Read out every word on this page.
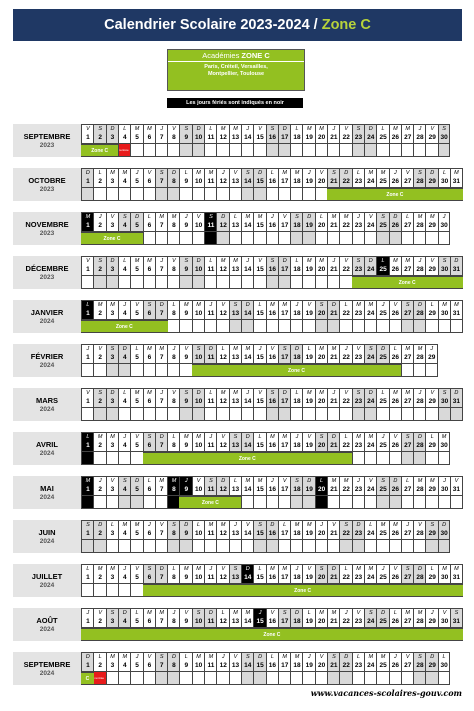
Calendrier Scolaire 2023-2024 / Zone C
Académies ZONE C
Paris, Créteil, Versailles,
Montpellier, Toulouse
Les jours fériés sont indiqués en noir
SEPTEMBRE
2023
V
1
S
2
D
3
L
4
M
5
M
6
J
7
V
8
S
9
D
10
L
11
M
12
M
13
J
14
V
15
S
16
D
17
L
18
M
19
M
20
J
21
V
22
S
23
D
24
L
25
M
26
M
27
J
28
V
29
S
30
Zone C	rentrée
OCTOBRE
2023
D
1
L
2
M
3
M
4
J
5
V
6
S
7
D
8
L
9
M
10
M
11
J
12
V
13
S
14
D
15
L
16
M
17
M
18
J
19
V
20
S
21
D
22
L
23
M
24
M
25
J
26
V
27
S
28
D
29
L
30
M
31
Zone C
NOVEMBRE
2023
M
1
J
2
V
3
S
4
D
5
L
6
M
7
M
8
J
9
V
10
S
11
D
12
L
13
M
14
M
15
J
16
V
17
S
18
D
19
L
20
M
21
M
22
J
23
V
24
S
25
D
26
L
27
M
28
M
29
J
30
Zone C
DÉCEMBRE
2023
V
1
S
2
D
3
L
4
M
5
M
6
J
7
V
8
S
9
D
10
L
11
M
12
M
13
J
14
V
15
S
16
D
17
L
18
M
19
M
20
J
21
V
22
S
23
D
24
L
25
M
26
M
27
J
28
V
29
S
30
D
31
Zone C
JANVIER
2024
L
1
M
2
M
3
J
4
V
5
S
6
D
7
L
8
M
9
M
10
J
11
V
12
S
13
D
14
L
15
M
16
M
17
J
18
V
19
S
20
D
21
L
22
M
23
M
24
J
25
V
26
S
27
D
28
L
29
M
30
M
31
Zone C
FÉVRIER
2024
J
1
V
2
S
3
D
4
L
5
M
6
M
7
J
8
V
9
S
10
D
11
L
12
M
13
M
14
J
15
V
16
S
17
D
18
L
19
M
20
M
21
J
22
V
23
S
24
D
25
L
26
M
27
M
28
J
29
Zone C
MARS
2024
V
1
S
2
D
3
L
4
M
5
M
6
J
7
V
8
S
9
D
10
L
11
M
12
M
13
J
14
V
15
S
16
D
17
L
18
M
19
M
20
J
21
V
22
S
23
D
24
L
25
M
26
M
27
J
28
V
29
S
30
D
31
AVRIL
2024
L
1
M
2
M
3
J
4
V
5
S
6
D
7
L
8
M
9
M
10
J
11
V
12
S
13
D
14
L
15
M
16
M
17
J
18
V
19
S
20
D
21
L
22
M
23
M
24
J
25
V
26
S
27
D
28
L
29
M
30
Zone C
MAI
2024
M
1
J
2
V
3
S
4
D
5
L
6
M
7
M
8
J
9
V
10
S
11
D
12
L
13
M
14
M
15
J
16
V
17
S
18
D
19
L
20
M
21
M
22
J
23
V
24
S
25
D
26
L
27
M
28
M
29
J
30
V
31
Zone C
JUIN
2024
S
1
D
2
L
3
M
4
M
5
J
6
V
7
S
8
D
9
L
10
M
11
M
12
J
13
V
14
S
15
D
16
L
17
M
18
M
19
J
20
V
21
S
22
D
23
L
24
M
25
M
26
J
27
V
28
S
29
D
30
JUILLET
2024
L
1
M
2
M
3
J
4
V
5
S
6
D
7
L
8
M
9
M
10
J
11
V
12
S
13
D
14
L
15
M
16
M
17
J
18
V
19
S
20
D
21
L
22
M
23
M
24
J
25
V
26
S
27
D
28
L
29
M
30
M
31
Zone C
AOÛT
2024
J
1
V
2
S
3
D
4
L
5
M
6
M
7
J
8
V
9
S
10
D
11
L
12
M
13
M
14
J
15
V
16
S
17
D
18
L
19
M
20
M
21
J
22
V
23
S
24
D
25
L
26
M
27
M
28
J
29
V
30
S
31
Zone C
SEPTEMBRE
2024
D
1
L
2
M
3
M
4
J
5
V
6
S
7
D
8
L
9
M
10
M
11
J
12
V
13
S
14
D
15
L
16
M
17
M
18
J
19
V
20
S
21
D
22
L
23
M
24
M
25
J
26
V
27
S
28
D
29
L
30
C	rentrée
www.vacances-scolaires-gouv.com
